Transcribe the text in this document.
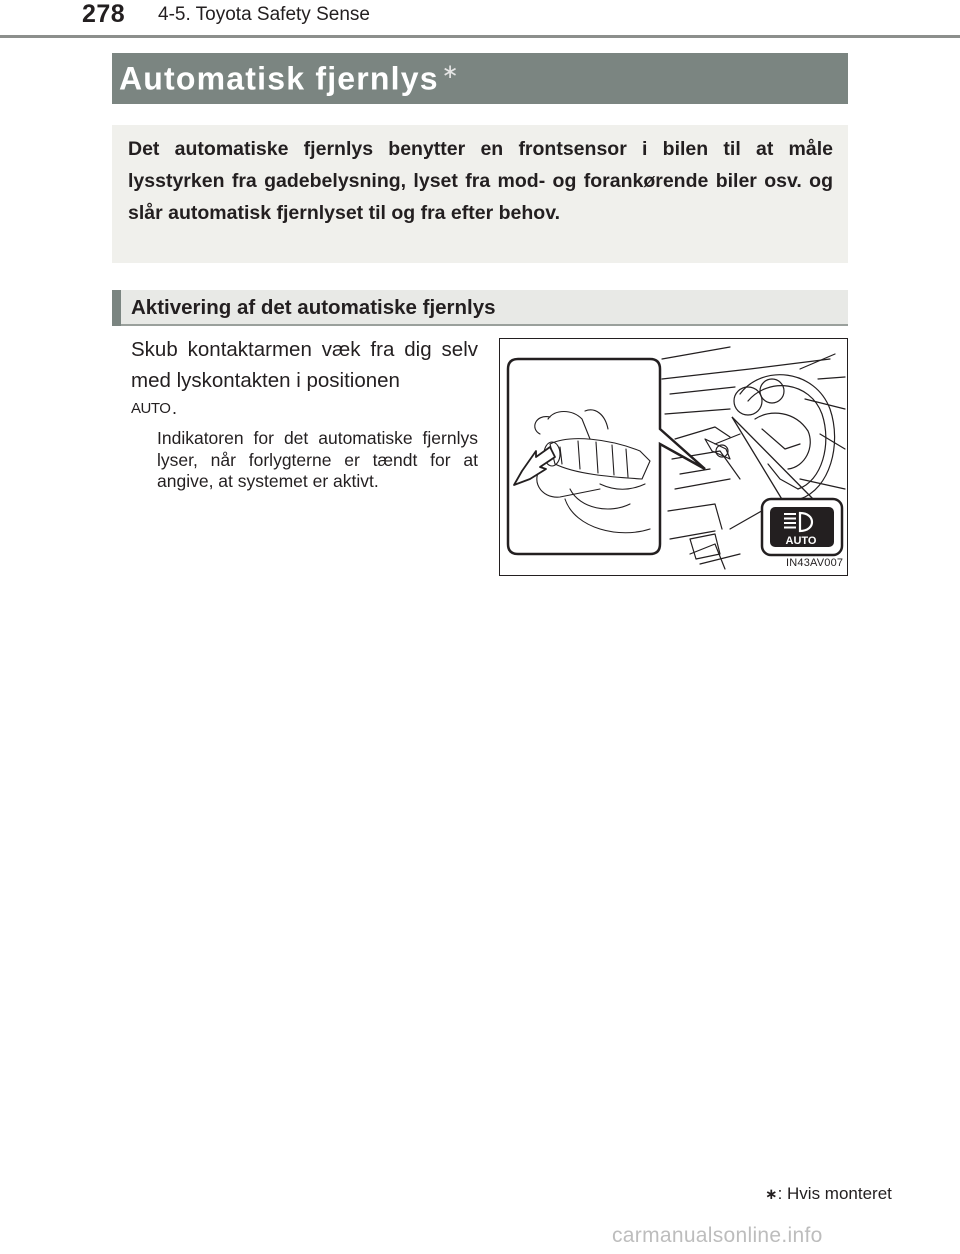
278 4-5. Toyota Safety Sense
Automatisk fjernlys ∗

Det automatiske fjernlys benytter en frontsensor i bilen til at måle lysstyrken fra gadebelysning, lyset fra mod- og forankørende biler osv. og slår automatisk fjernlyset til og fra efter behov.

Aktivering af det automatiske fjernlys

Skub kontaktarmen væk fra dig selv med lyskontakten i positionen

AUTO .

Indikatoren for det automatiske fjernlys lyser, når forlygterne er tændt for at angive, at systemet er aktivt.

AUTO
IN43AV007
∗: Hvis monteret
carmanualsonline.info
